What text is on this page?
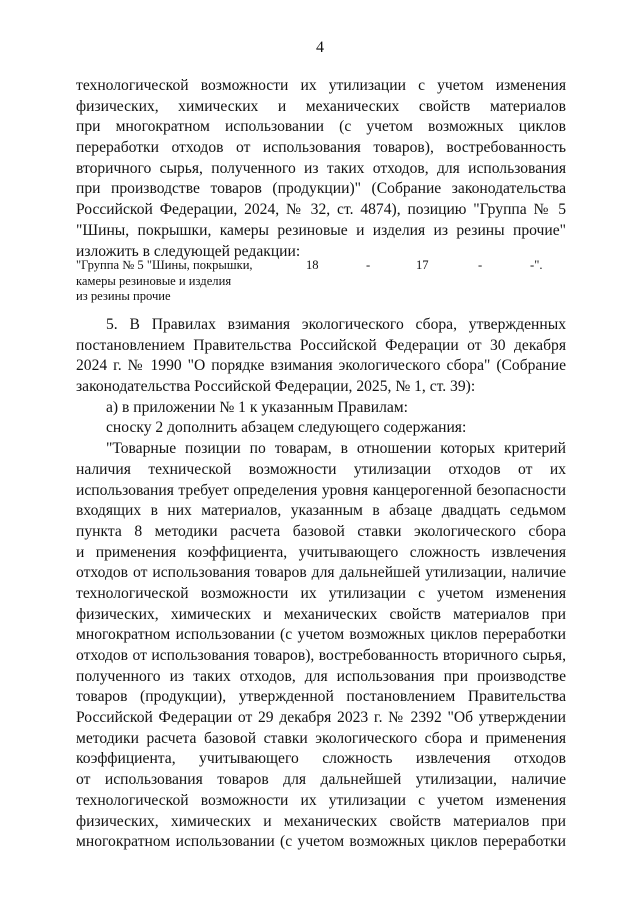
4
технологической возможности их утилизации с учетом изменения
физических, химических и механических свойств материалов
при многократном использовании (с учетом возможных циклов
переработки отходов от использования товаров), востребованность
вторичного сырья, полученного из таких отходов, для использования
при производстве товаров (продукции)" (Собрание законодательства
Российской Федерации, 2024, № 32, ст. 4874), позицию "Группа № 5
"Шины, покрышки, камеры резиновые и изделия из резины прочие"
изложить в следующей редакции:
"Группа № 5 "Шины, покрышки,
камеры резиновые и изделия
из резины прочие
18	-	17	-	-".
5. В Правилах взимания экологического сбора, утвержденных
постановлением Правительства Российской Федерации от 30 декабря
2024 г. № 1990 "О порядке взимания экологического сбора" (Собрание
законодательства Российской Федерации, 2025, № 1, ст. 39):
а) в приложении № 1 к указанным Правилам:
сноску 2 дополнить абзацем следующего содержания:
"Товарные позиции по товарам, в отношении которых критерий
наличия технической возможности утилизации отходов от их
использования требует определения уровня канцерогенной безопасности
входящих в них материалов, указанным в абзаце двадцать седьмом
пункта 8 методики расчета базовой ставки экологического сбора
и применения коэффициента, учитывающего сложность извлечения
отходов от использования товаров для дальнейшей утилизации, наличие
технологической возможности их утилизации с учетом изменения
физических, химических и механических свойств материалов при
многократном использовании (с учетом возможных циклов переработки
отходов от использования товаров), востребованность вторичного сырья,
полученного из таких отходов, для использования при производстве
товаров (продукции), утвержденной постановлением Правительства
Российской Федерации от 29 декабря 2023 г. № 2392 "Об утверждении
методики расчета базовой ставки экологического сбора и применения
коэффициента, учитывающего сложность извлечения отходов
от использования товаров для дальнейшей утилизации, наличие
технологической возможности их утилизации с учетом изменения
физических, химических и механических свойств материалов при
многократном использовании (с учетом возможных циклов переработки
